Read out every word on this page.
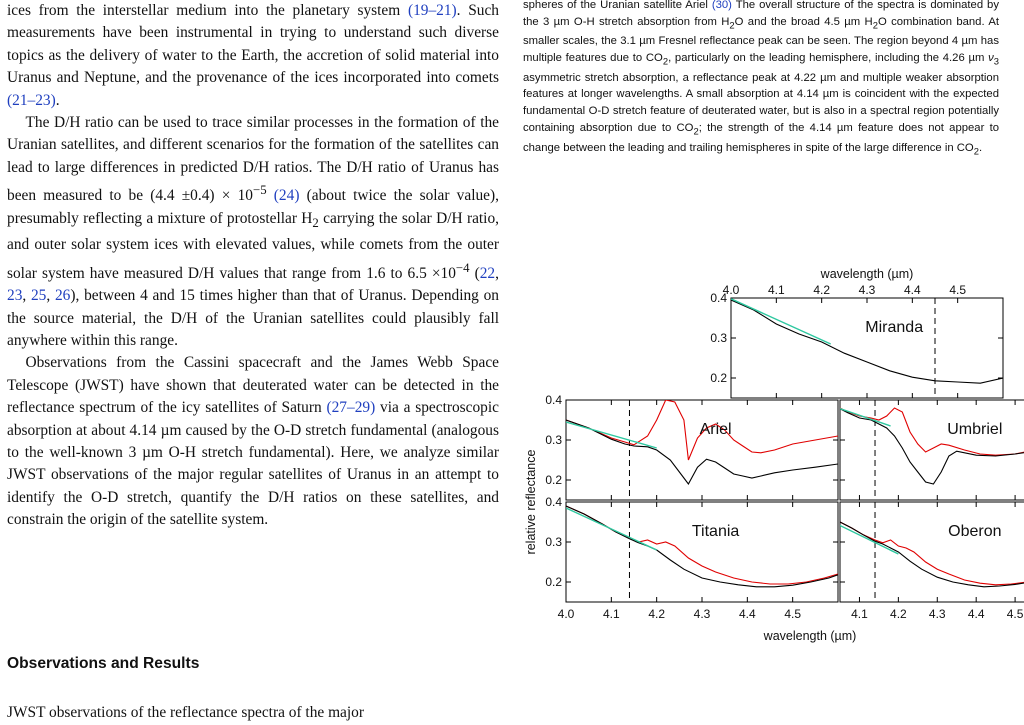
ices from the interstellar medium into the planetary system (19–21). Such measurements have been instrumental in trying to understand such diverse topics as the delivery of water to the Earth, the accretion of solid material into Uranus and Neptune, and the provenance of the ices incorporated into comets (21–23).

The D/H ratio can be used to trace similar processes in the formation of the Uranian satellites, and different scenarios for the formation of the satellites can lead to large differences in predicted D/H ratios. The D/H ratio of Uranus has been measured to be $(4.4 \pm 0.4) \times 10^{-5}$ (24) (about twice the solar value), presumably reflecting a mixture of protostellar $H_2$ carrying the solar D/H ratio, and outer solar system ices with elevated values, while comets from the outer solar system have measured D/H values that range from 1.6 to $6.5 \times 10^{-4}$ (22, 23, 25, 26), between 4 and 15 times higher than that of Uranus. Depending on the source material, the D/H of the Uranian satellites could plausibly fall anywhere within this range.

Observations from the Cassini spacecraft and the James Webb Space Telescope (JWST) have shown that deuterated water can be detected in the reflectance spectrum of the icy satellites of Saturn (27–29) via a spectroscopic absorption at about 4.14 µm caused by the O-D stretch fundamental (analogous to the well-known 3 µm O-H stretch fundamental). Here, we analyze similar JWST observations of the major regular satellites of Uranus in an attempt to identify the O-D stretch, quantify the D/H ratios on these satellites, and constrain the origin of the satellite system.

Observations and Results

JWST observations of the reflectance spectra of the major

spheres of the Uranian satellite Ariel (30) The overall structure of the spectra is dominated by the 3 µm O-H stretch absorption from $H_2O$ and the broad 4.5 µm $H_2O$ combination band. At smaller scales, the 3.1 µm Fresnel reflectance peak can be seen. The region beyond 4 µm has multiple features due to $CO_2$, particularly on the leading hemisphere, including the 4.26 µm $\nu_3$ asymmetric stretch absorption, a reflectance peak at 4.22 µm and multiple weaker absorption features at longer wavelengths. A small absorption at 4.14 µm is coincident with the expected fundamental O-D stretch feature of deuterated water, but is also in a spectral region potentially containing absorption due to $CO_2$; the strength of the 4.14 µm feature does not appear to change between the leading and trailing hemispheres in spite of the large difference in $CO_2$.
0.2
0.3
0.4
Miranda
0.2
0.3
0.4
Ariel	Umbriel
0.2
0.3
0.4
Titania	Oberon
4.0 4.1 4.2 4.3 4.4 4.5
wavelength (µm)
4.0 4.1 4.2 4.3 4.4 4.5	4.1 4.2 4.3 4.4 4.5
wavelength (µm)
relative reflectance
